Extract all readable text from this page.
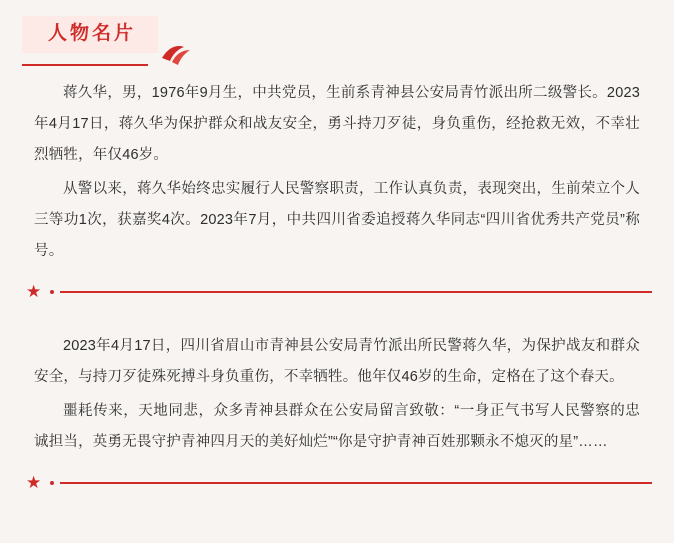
人物名片

蒋久华，男，1976年9月生，中共党员，生前系青神县公安局青竹派出所二级警长。2023年4月17日，蒋久华为保护群众和战友安全，勇斗持刀歹徒，身负重伤，经抢救无效，不幸壮烈牺牲，年仅46岁。

从警以来，蒋久华始终忠实履行人民警察职责，工作认真负责，表现突出，生前荣立个人三等功1次，获嘉奖4次。2023年7月，中共四川省委追授蒋久华同志“四川省优秀共产党员”称号。

★

2023年4月17日，四川省眉山市青神县公安局青竹派出所民警蒋久华，为保护战友和群众安全，与持刀歹徒殊死搏斗身负重伤，不幸牺牲。他年仅46岁的生命，定格在了这个春天。

噩耗传来，天地同悲，众多青神县群众在公安局留言致敬：“一身正气书写人民警察的忠诚担当，英勇无畏守护青神四月天的美好灿烂”“你是守护青神百姓那颗永不熄灭的星”……

★
